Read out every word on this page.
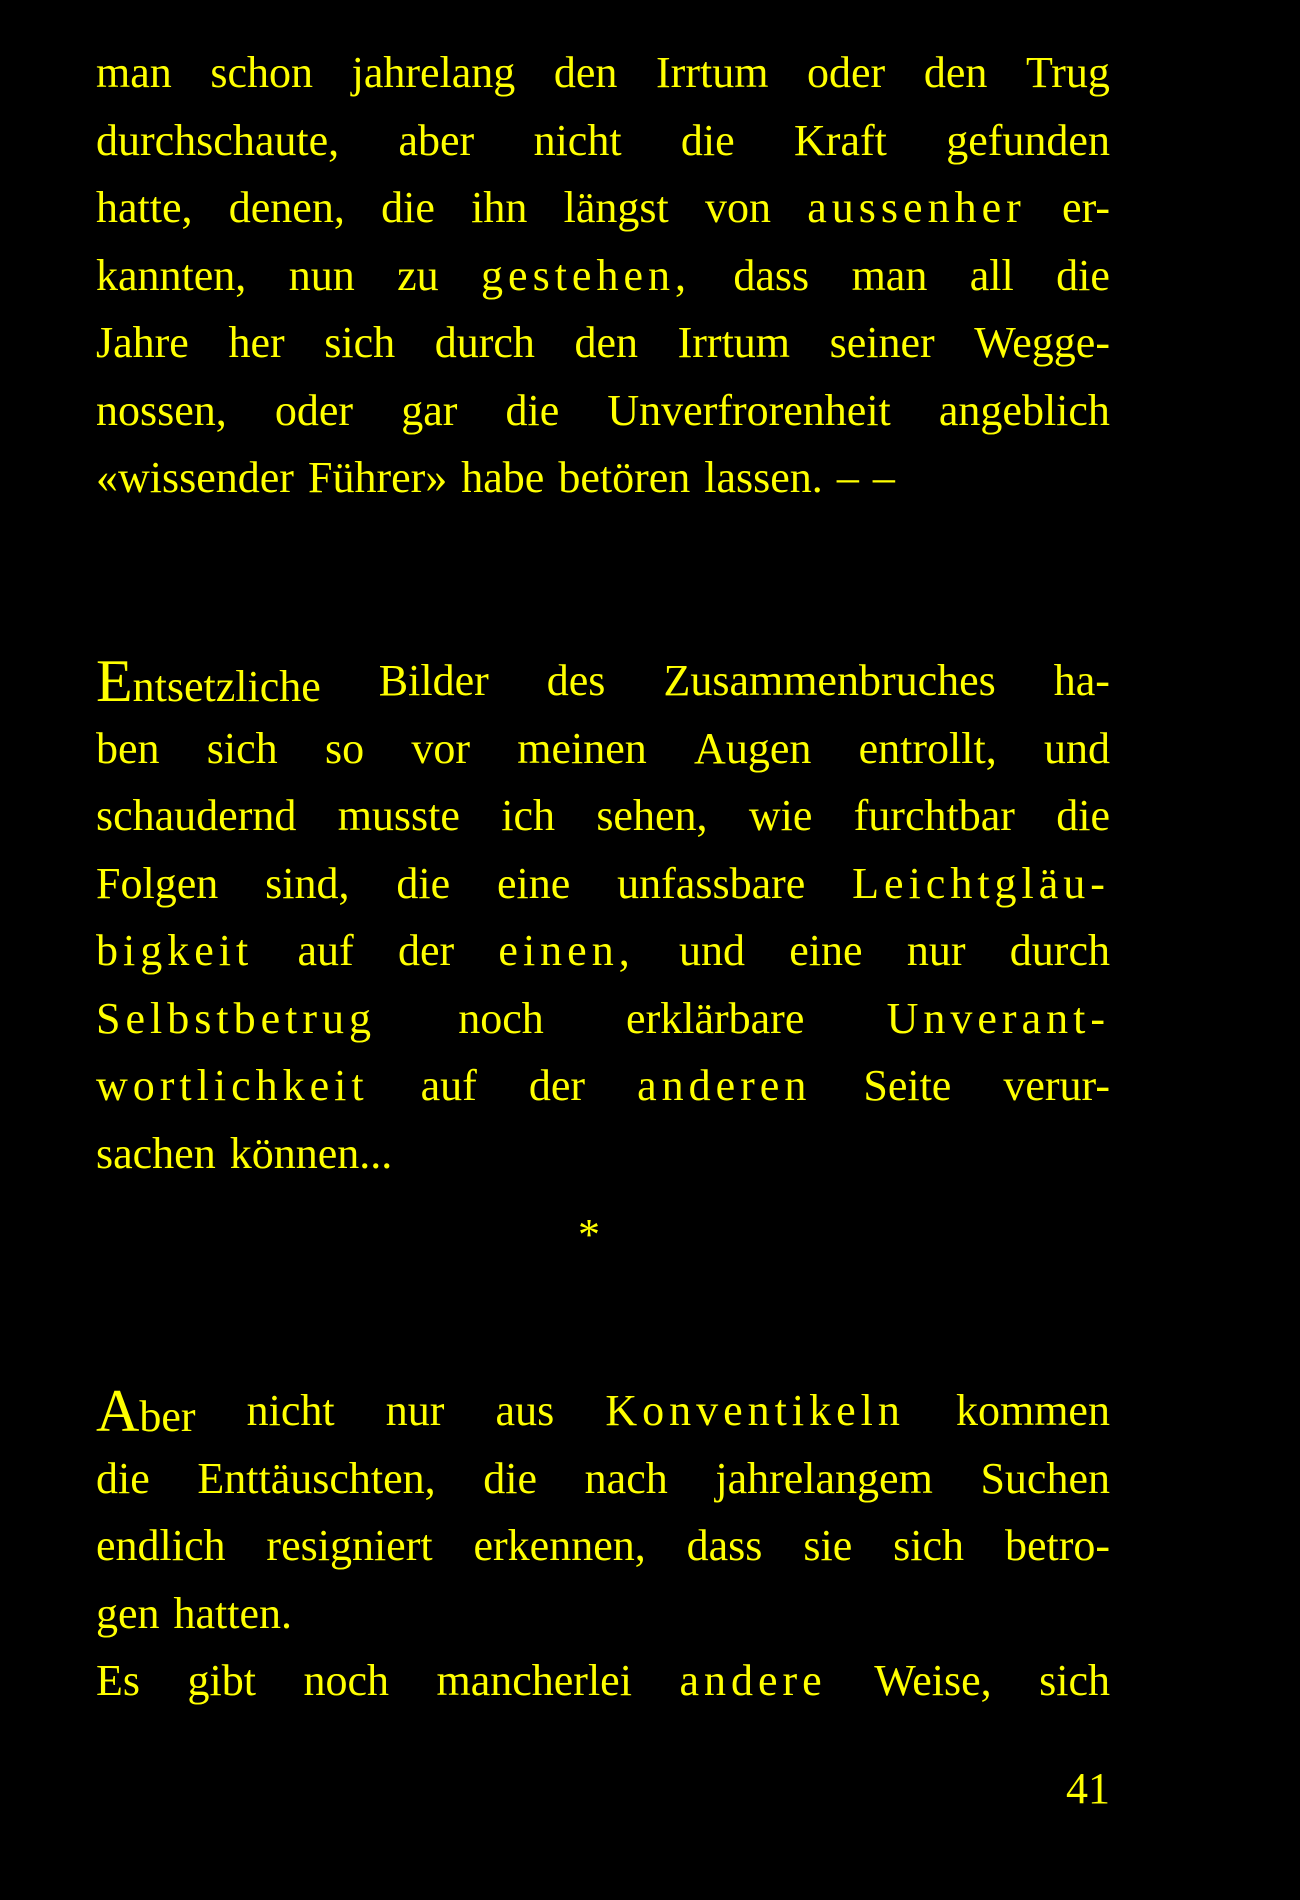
man schon jahrelang den Irrtum oder den Trug
durchschaute, aber nicht die Kraft gefunden
hatte, denen, die ihn längst von aussenher er-
kannten, nun zu gestehen, dass man all die
Jahre her sich durch den Irrtum seiner Wegge-
nossen, oder gar die Unverfrorenheit angeblich
«wissender Führer» habe betören lassen. – –
Entsetzliche Bilder des Zusammenbruches ha-
ben sich so vor meinen Augen entrollt, und
schaudernd musste ich sehen, wie furchtbar die
Folgen sind, die eine unfassbare Leichtgläu-
bigkeit auf der einen, und eine nur durch
Selbstbetrug noch erklärbare Unverant-
wortlichkeit auf der anderen Seite verur-
sachen können...
Aber nicht nur aus Konventikeln kommen
die Enttäuschten, die nach jahrelangem Suchen
endlich resigniert erkennen, dass sie sich betro-
gen hatten.
Es gibt noch mancherlei andere Weise, sich
*
41
